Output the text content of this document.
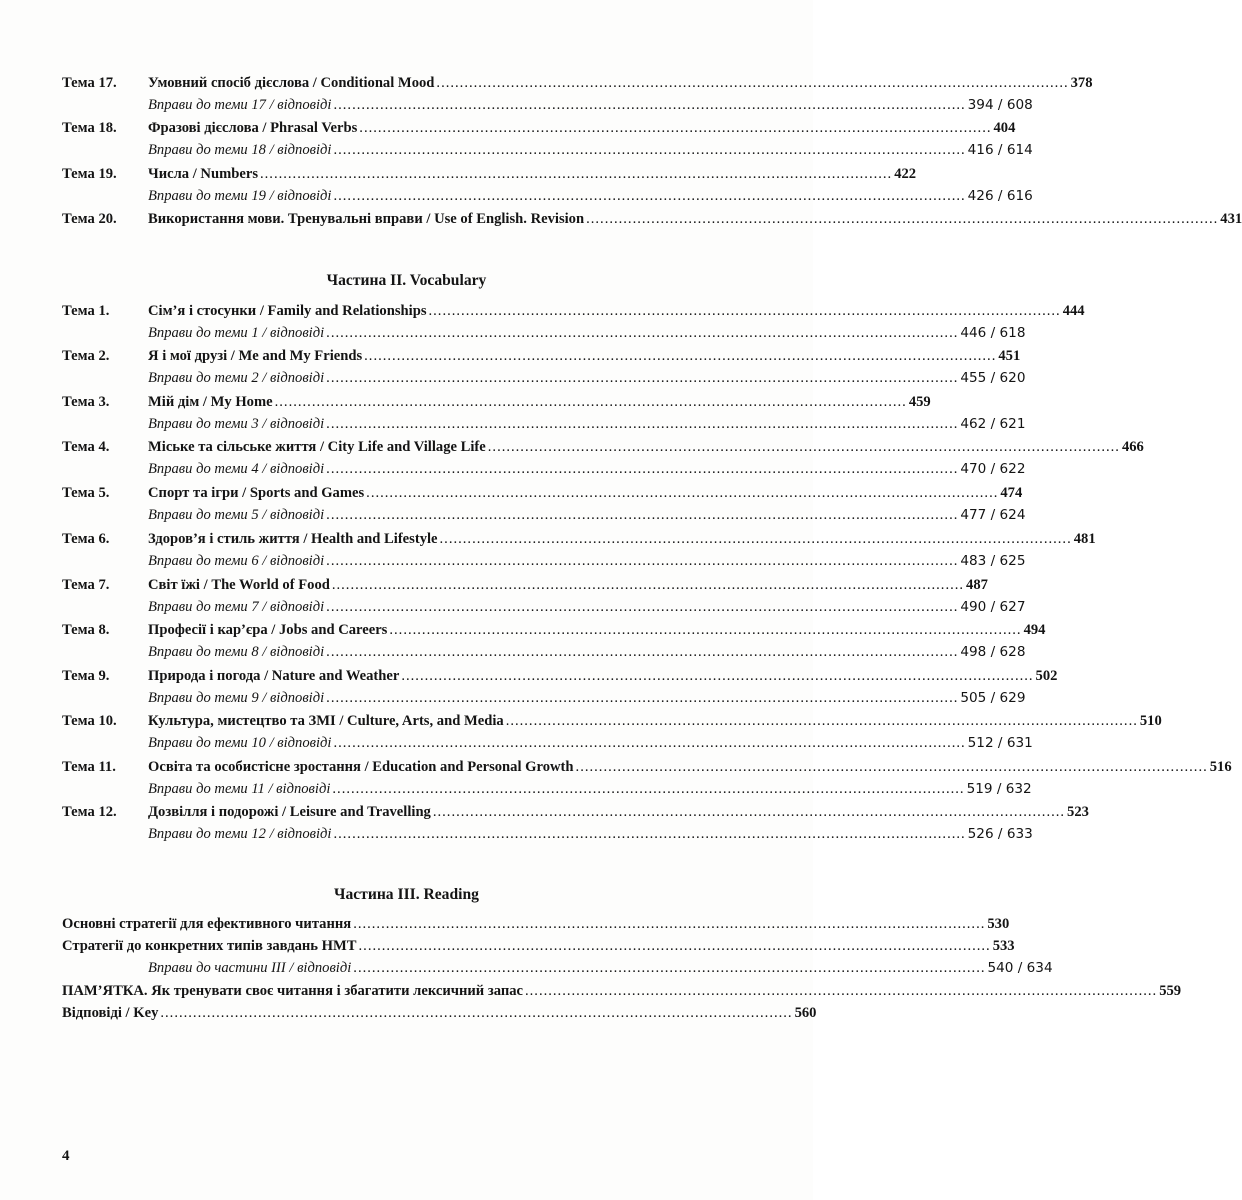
Тема 17.	Умовний спосіб дієслова / Conditional Mood ........................................................................................................................................ 378
Вправи до теми 17 / відповіді ........................................................................................................................................ 394 / 608
Тема 18.	Фразові дієслова / Phrasal Verbs ........................................................................................................................................ 404
Вправи до теми 18 / відповіді ........................................................................................................................................ 416 / 614
Тема 19.	Числа / Numbers ........................................................................................................................................ 422
Вправи до теми 19 / відповіді ........................................................................................................................................ 426 / 616
Тема 20.	Використання мови. Тренувальні вправи / Use of English. Revision ........................................................................................................................................ 431
Частина II. Vocabulary
Тема 1.	Сім’я і стосунки / Family and Relationships ........................................................................................................................................ 444
Вправи до теми 1 / відповіді ........................................................................................................................................ 446 / 618
Тема 2.	Я і мої друзі / Me and My Friends ........................................................................................................................................ 451
Вправи до теми 2 / відповіді ........................................................................................................................................ 455 / 620
Тема 3.	Мій дім / My Home ........................................................................................................................................ 459
Вправи до теми 3 / відповіді ........................................................................................................................................ 462 / 621
Тема 4.	Міське та сільське життя / City Life and Village Life ........................................................................................................................................ 466
Вправи до теми 4 / відповіді ........................................................................................................................................ 470 / 622
Тема 5.	Спорт та ігри / Sports and Games ........................................................................................................................................ 474
Вправи до теми 5 / відповіді ........................................................................................................................................ 477 / 624
Тема 6.	Здоров’я і стиль життя / Health and Lifestyle ........................................................................................................................................ 481
Вправи до теми 6 / відповіді ........................................................................................................................................ 483 / 625
Тема 7.	Світ їжі / The World of Food ........................................................................................................................................ 487
Вправи до теми 7 / відповіді ........................................................................................................................................ 490 / 627
Тема 8.	Професії і кар’єра / Jobs and Careers ........................................................................................................................................ 494
Вправи до теми 8 / відповіді ........................................................................................................................................ 498 / 628
Тема 9.	Природа і погода / Nature and Weather ........................................................................................................................................ 502
Вправи до теми 9 / відповіді ........................................................................................................................................ 505 / 629
Тема 10.	Культура, мистецтво та ЗМІ / Culture, Arts, and Media ........................................................................................................................................ 510
Вправи до теми 10 / відповіді ........................................................................................................................................ 512 / 631
Тема 11.	Освіта та особистісне зростання / Education and Personal Growth ........................................................................................................................................ 516
Вправи до теми 11 / відповіді ........................................................................................................................................ 519 / 632
Тема 12.	Дозвілля і подорожі / Leisure and Travelling ........................................................................................................................................ 523
Вправи до теми 12 / відповіді ........................................................................................................................................ 526 / 633
Частина III. Reading
Основні стратегії для ефективного читання ........................................................................................................................................ 530
Стратегії до конкретних типів завдань НМТ ........................................................................................................................................ 533
Вправи до частини III / відповіді ........................................................................................................................................ 540 / 634
ПАМ’ЯТКА. Як тренувати своє читання і збагатити лексичний запас ........................................................................................................................................ 559
Відповіді / Key ........................................................................................................................................ 560
4
